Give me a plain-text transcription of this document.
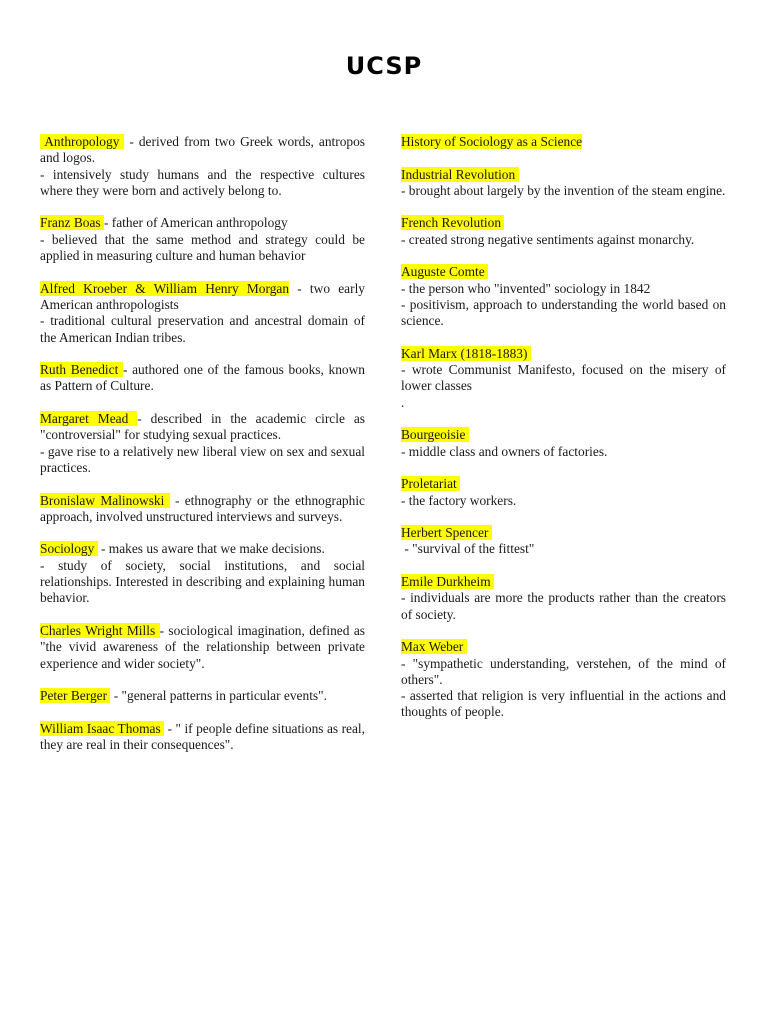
UCSP
Anthropology  - derived from two Greek words, antropos and logos.
- intensively study humans and the respective cultures where they were born and actively belong to.
Franz Boas - father of American anthropology
- believed that the same method and strategy could be applied in measuring culture and human behavior
Alfred Kroeber & William Henry Morgan - two early American anthropologists
- traditional cultural preservation and ancestral domain of the American Indian tribes.
Ruth Benedict - authored one of the famous books, known as Pattern of Culture.
Margaret Mead - described in the academic circle as "controversial" for studying sexual practices.
- gave rise to a relatively new liberal view on sex and sexual practices.
Bronislaw Malinowski  - ethnography or the ethnographic approach, involved unstructured interviews and surveys.
Sociology  - makes us aware that we make decisions.
- study of society, social institutions, and social relationships. Interested in describing and explaining human behavior.
Charles Wright Mills - sociological imagination, defined as "the vivid awareness of the relationship between private experience and wider society".
Peter Berger  - "general patterns in particular events".
William Isaac Thomas  - " if people define situations as real, they are real in their consequences".
History of Sociology as a Science
Industrial Revolution
- brought about largely by the invention of the steam engine.
French Revolution
- created strong negative sentiments against monarchy.
Auguste Comte
- the person who "invented" sociology in 1842
- positivism, approach to understanding the world based on science.
Karl Marx (1818-1883)
- wrote Communist Manifesto, focused on the misery of lower classes
.
Bourgeoisie
- middle class and owners of factories.
Proletariat
- the factory workers.
Herbert Spencer
- "survival of the fittest"
Emile Durkheim
- individuals are more the products rather than the creators of society.
Max Weber
- "sympathetic understanding, verstehen, of the mind of others".
- asserted that religion is very influential in the actions and thoughts of people.
